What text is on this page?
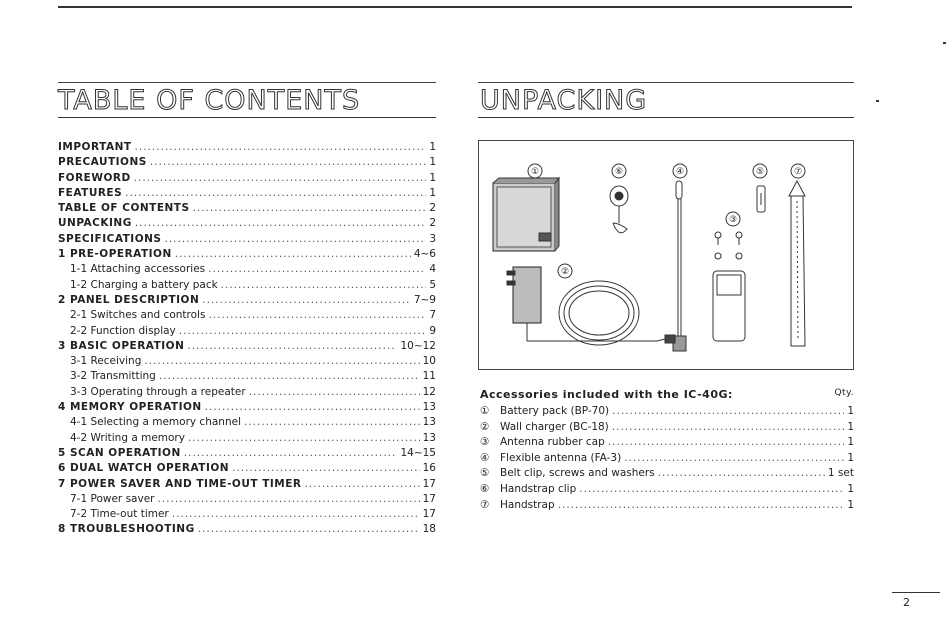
TABLE OF CONTENTS
IMPORTANT .....	1
PRECAUTIONS .....	1
FOREWORD .....	1
FEATURES .....	1
TABLE OF CONTENTS .....	2
UNPACKING .....	2
SPECIFICATIONS .....	3
1 PRE-OPERATION .....	4~6
1-1 Attaching accessories .....	4
1-2 Charging a battery pack .....	5
2 PANEL DESCRIPTION .....	7~9
2-1 Switches and controls .....	7
2-2 Function display .....	9
3 BASIC OPERATION .....	10~12
3-1 Receiving .....	10
3-2 Transmitting .....	11
3-3 Operating through a repeater .....	12
4 MEMORY OPERATION .....	13
4-1 Selecting a memory channel .....	13
4-2 Writing a memory .....	13
5 SCAN OPERATION .....	14~15
6 DUAL WATCH OPERATION .....	16
7 POWER SAVER AND TIME-OUT TIMER .....	17
7-1 Power saver .....	17
7-2 Time-out timer .....	17
8 TROUBLESHOOTING .....	18
UNPACKING
①
②
③
④	⑤
⑥	⑦
Accessories included with the IC-40G:	Qty.
①	Battery pack (BP-70) .....	1
②	Wall charger (BC-18) .....	1
③	Antenna rubber cap .....	1
④	Flexible antenna (FA-3) .....	1
⑤	Belt clip, screws and washers .....	1 set
⑥	Handstrap clip .....	1
⑦	Handstrap .....	1
2
